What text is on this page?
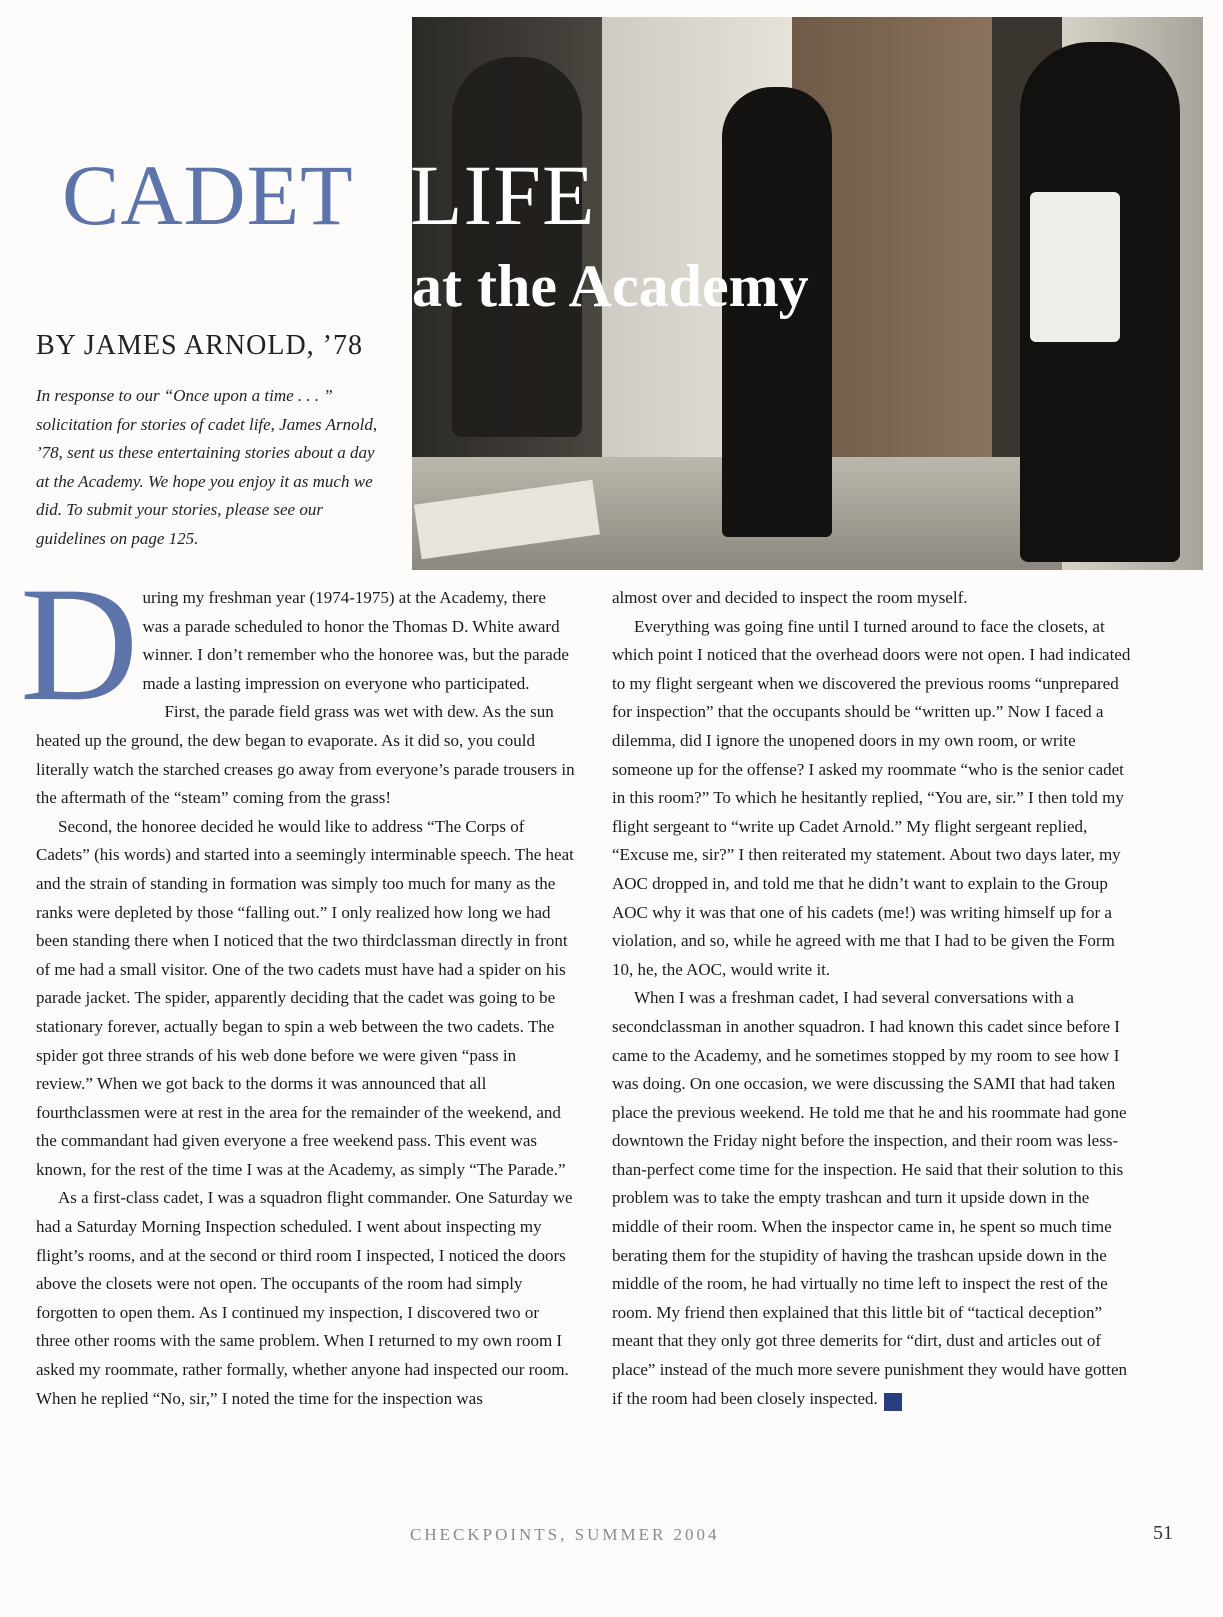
CADET LIFE
at the Academy

BY JAMES ARNOLD, ’78

In response to our “Once upon a time . . . ” solicitation for stories of cadet life, James Arnold, ’78, sent us these entertaining stories about a day at the Academy. We hope you enjoy it as much we did. To submit your stories, please see our guidelines on page 125.

During my freshman year (1974-1975) at the Academy, there was a parade scheduled to honor the Thomas D. White award winner. I don’t remember who the honoree was, but the parade made a lasting impression on everyone who participated.

First, the parade field grass was wet with dew. As the sun heated up the ground, the dew began to evaporate. As it did so, you could literally watch the starched creases go away from everyone’s parade trousers in the aftermath of the “steam” coming from the grass!

Second, the honoree decided he would like to address “The Corps of Cadets” (his words) and started into a seemingly interminable speech. The heat and the strain of standing in formation was simply too much for many as the ranks were depleted by those “falling out.” I only realized how long we had been standing there when I noticed that the two thirdclassman directly in front of me had a small visitor. One of the two cadets must have had a spider on his parade jacket. The spider, apparently deciding that the cadet was going to be stationary forever, actually began to spin a web between the two cadets. The spider got three strands of his web done before we were given “pass in review.” When we got back to the dorms it was announced that all fourthclassmen were at rest in the area for the remainder of the weekend, and the commandant had given everyone a free weekend pass. This event was known, for the rest of the time I was at the Academy, as simply “The Parade.”

As a first-class cadet, I was a squadron flight commander. One Saturday we had a Saturday Morning Inspection scheduled. I went about inspecting my flight’s rooms, and at the second or third room I inspected, I noticed the doors above the closets were not open. The occupants of the room had simply forgotten to open them. As I continued my inspection, I discovered two or three other rooms with the same problem. When I returned to my own room I asked my roommate, rather formally, whether anyone had inspected our room. When he replied “No, sir,” I noted the time for the inspection was

almost over and decided to inspect the room myself.

Everything was going fine until I turned around to face the closets, at which point I noticed that the overhead doors were not open. I had indicated to my flight sergeant when we discovered the previous rooms “unprepared for inspection” that the occupants should be “written up.” Now I faced a dilemma, did I ignore the unopened doors in my own room, or write someone up for the offense? I asked my roommate “who is the senior cadet in this room?” To which he hesitantly replied, “You are, sir.” I then told my flight sergeant to “write up Cadet Arnold.” My flight sergeant replied, “Excuse me, sir?” I then reiterated my statement. About two days later, my AOC dropped in, and told me that he didn’t want to explain to the Group AOC why it was that one of his cadets (me!) was writing himself up for a violation, and so, while he agreed with me that I had to be given the Form 10, he, the AOC, would write it.

When I was a freshman cadet, I had several conversations with a secondclassman in another squadron. I had known this cadet since before I came to the Academy, and he sometimes stopped by my room to see how I was doing. On one occasion, we were discussing the SAMI that had taken place the previous weekend. He told me that he and his roommate had gone downtown the Friday night before the inspection, and their room was less-than-perfect come time for the inspection. He said that their solution to this problem was to take the empty trashcan and turn it upside down in the middle of their room. When the inspector came in, he spent so much time berating them for the stupidity of having the trashcan upside down in the middle of the room, he had virtually no time left to inspect the rest of the room. My friend then explained that this little bit of “tactical deception” meant that they only got three demerits for “dirt, dust and articles out of place” instead of the much more severe punishment they would have gotten if the room had been closely inspected. ✓

CHECKPOINTS, SUMMER 2004	51
